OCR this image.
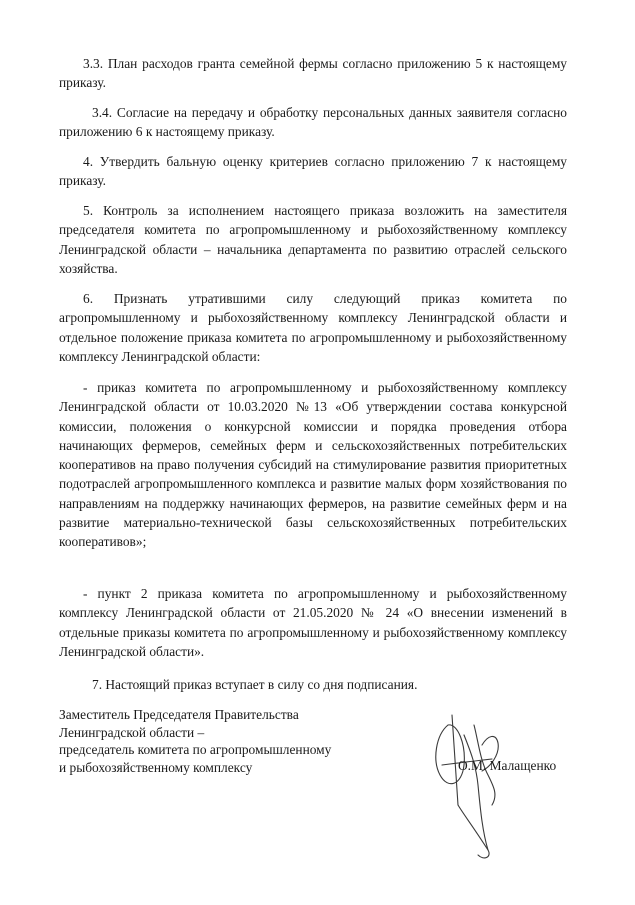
3.3. План расходов гранта семейной фермы согласно приложению 5 к настоящему приказу.

3.4. Согласие на передачу и обработку персональных данных заявителя согласно приложению 6 к настоящему приказу.

4. Утвердить бальную оценку критериев согласно приложению 7 к настоящему приказу.

5. Контроль за исполнением настоящего приказа возложить на заместителя председателя комитета по агропромышленному и рыбохозяйственному комплексу Ленинградской области – начальника департамента по развитию отраслей сельского хозяйства.

6. Признать утратившими силу следующий приказ комитета по агропромышленному и рыбохозяйственному комплексу Ленинградской области и отдельное положение приказа комитета по агропромышленному и рыбохозяйственному комплексу Ленинградской области:

- приказ комитета по агропромышленному и рыбохозяйственному комплексу Ленинградской области от 10.03.2020 №13 «Об утверждении состава конкурсной комиссии, положения о конкурсной комиссии и порядка проведения отбора начинающих фермеров, семейных ферм и сельскохозяйственных потребительских кооперативов на право получения субсидий на стимулирование развития приоритетных подотраслей агропромышленного комплекса и развитие малых форм хозяйствования по направлениям на поддержку начинающих фермеров, на развитие семейных ферм и на развитие материально-технической базы сельскохозяйственных потребительских кооперативов»;

- пункт 2 приказа комитета по агропромышленному и рыбохозяйственному комплексу Ленинградской области от 21.05.2020 № 24 «О внесении изменений в отдельные приказы комитета по агропромышленному и рыбохозяйственному комплексу Ленинградской области».

7. Настоящий приказ вступает в силу со дня подписания.

Заместитель Председателя Правительства
Ленинградской области –
председатель комитета по агропромышленному
и рыбохозяйственному комплексу	О.М. Малащенко
